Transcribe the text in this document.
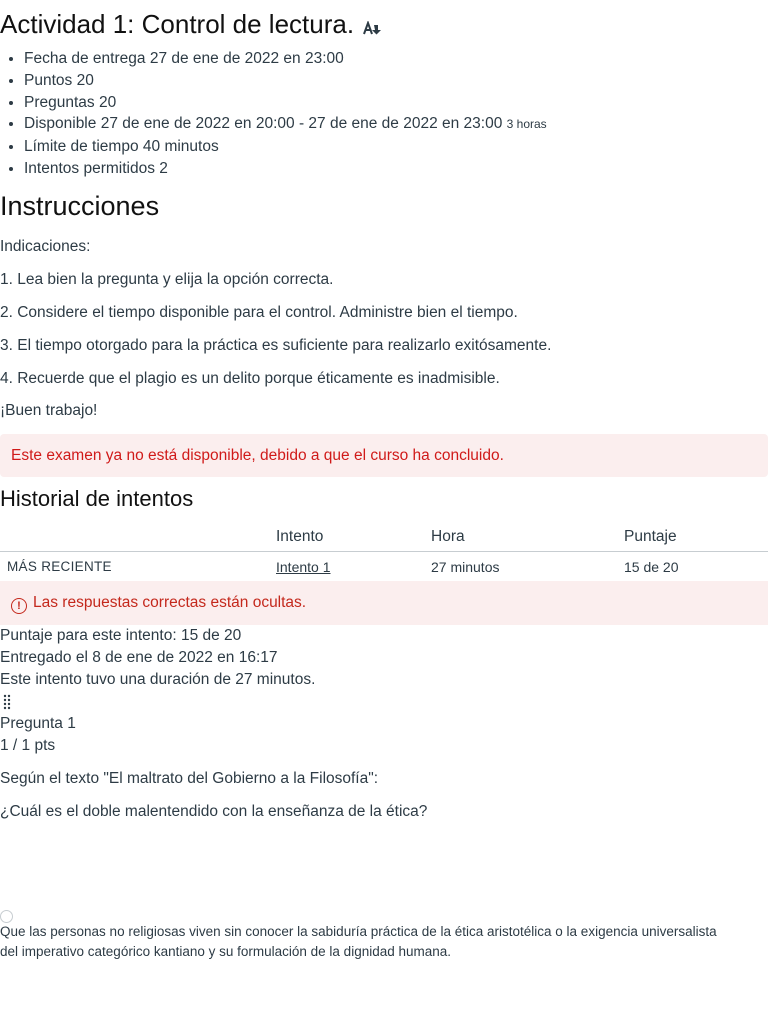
Actividad 1: Control de lectura.
• Fecha de entrega 27 de ene de 2022 en 23:00
• Puntos 20
• Preguntas 20
• Disponible 27 de ene de 2022 en 20:00 - 27 de ene de 2022 en 23:00 3 horas
• Límite de tiempo 40 minutos
• Intentos permitidos 2
Instrucciones

Indicaciones:

1. Lea bien la pregunta y elija la opción correcta.

2. Considere el tiempo disponible para el control. Administre bien el tiempo.

3. El tiempo otorgado para la práctica es suficiente para realizarlo exitósamente.

4. Recuerde que el plagio es un delito porque éticamente es inadmisible.

¡Buen trabajo!

Este examen ya no está disponible, debido a que el curso ha concluido.
Historial de intentos
	Intento	Hora	Puntaje
MÁS RECIENTE	Intento 1	27 minutos	15 de 20
! Las respuestas correctas están ocultas.

Puntaje para este intento: 15 de 20

Entregado el 8 de ene de 2022 en 16:17

Este intento tuvo una duración de 27 minutos.

Pregunta 1

1 / 1 pts

Según el texto "El maltrato del Gobierno a la Filosofía":

¿Cuál es el doble malentendido con la enseñanza de la ética?

Que las personas no religiosas viven sin conocer la sabiduría práctica de la ética aristotélica o la exigencia universalista del imperativo categórico kantiano y su formulación de la dignidad humana.
